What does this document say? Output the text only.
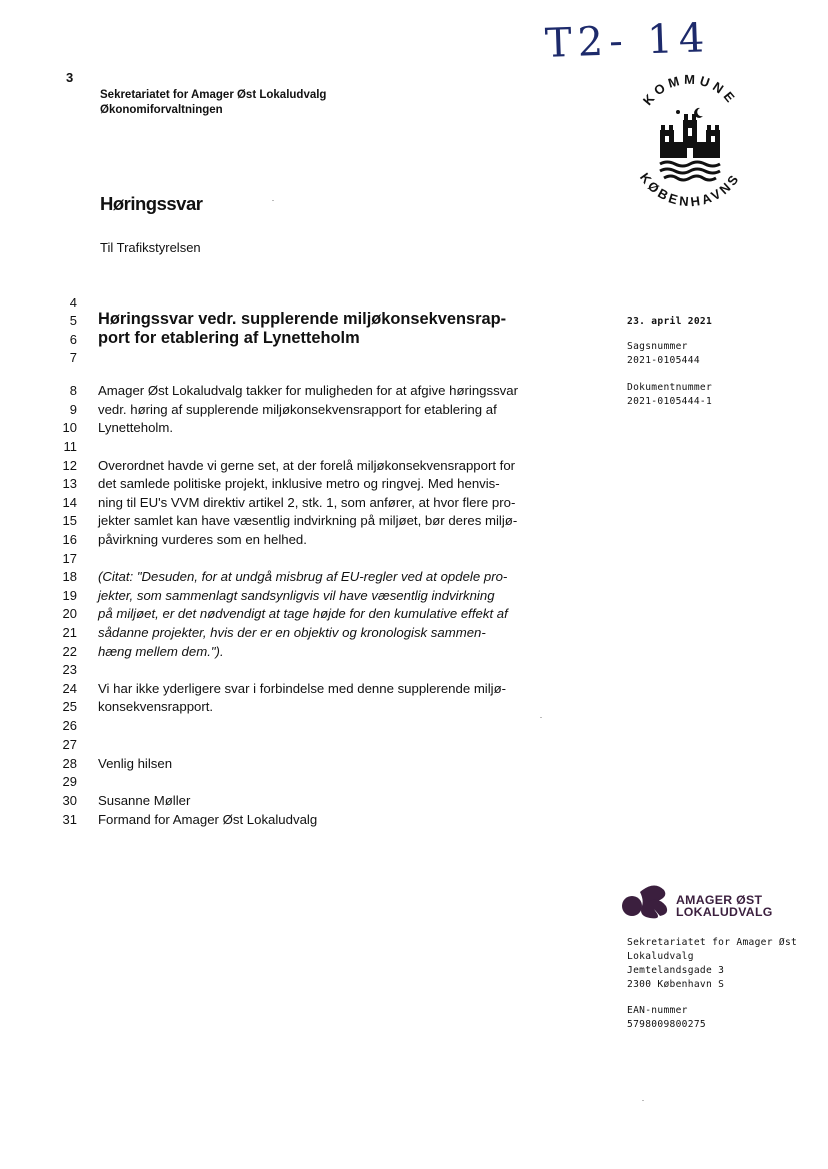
T2- 14
3
Sekretariatet for Amager Øst Lokaludvalg
Økonomiforvaltningen
KOMMUNE
KØBENHAVNS
Høringssvar
Til Trafikstyrelsen
4
5
6
7
8
9
10
11
12
13
14
15
16
17
18
19
20
21
22
23
24
25
26
27
28
29
30
31
Høringssvar vedr. supplerende miljøkonsekvensrap-
port for etablering af Lynetteholm
Amager Øst Lokaludvalg takker for muligheden for at afgive høringssvar
vedr. høring af supplerende miljøkonsekvensrapport for etablering af
Lynetteholm.
Overordnet havde vi gerne set, at der forelå miljøkonsekvensrapport for
det samlede politiske projekt, inklusive metro og ringvej. Med henvis-
ning til EU's VVM direktiv artikel 2, stk. 1, som anfører, at hvor flere pro-
jekter samlet kan have væsentlig indvirkning på miljøet, bør deres miljø-
påvirkning vurderes som en helhed.
(Citat: "Desuden, for at undgå misbrug af EU-regler ved at opdele pro-
jekter, som sammenlagt sandsynligvis vil have væsentlig indvirkning
på miljøet, er det nødvendigt at tage højde for den kumulative effekt af
sådanne projekter, hvis der er en objektiv og kronologisk sammen-
hæng mellem dem.").
Vi har ikke yderligere svar i forbindelse med denne supplerende miljø-
konsekvensrapport.
Venlig hilsen
Susanne Møller
Formand for Amager Øst Lokaludvalg
23. april 2021
Sagsnummer
2021-0105444
Dokumentnummer
2021-0105444-1
AMAGER ØST
LOKALUDVALG
Sekretariatet for Amager Øst
Lokaludvalg
Jemtelandsgade 3
2300 København S
EAN-nummer
5798009800275
